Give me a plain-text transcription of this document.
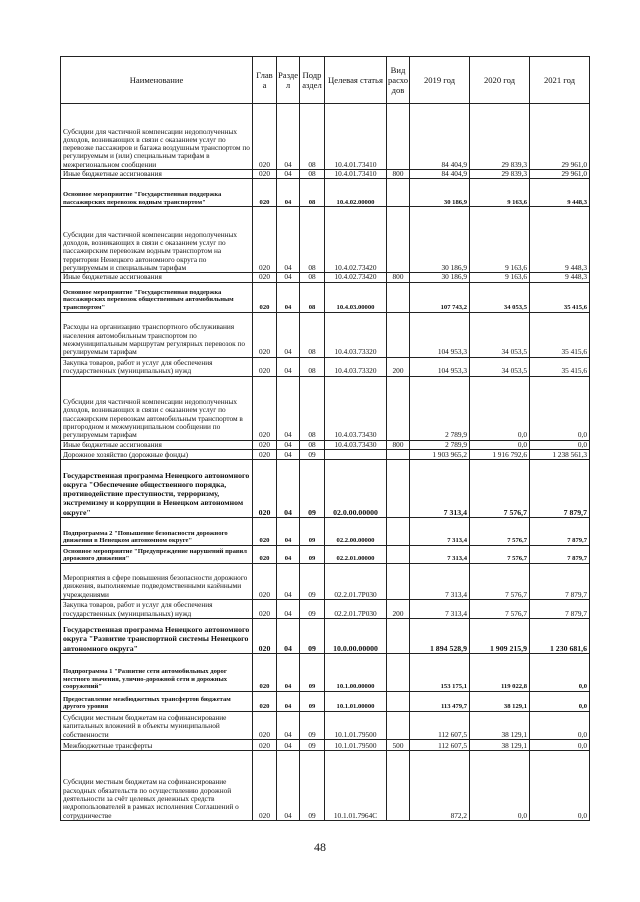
Наименование	Глав а	Разде л	Подр аздел	Целевая статья	Вид расхо дов	2019 год	2020 год	2021 год
Субсидии для частичной компенсации недополученных доходов, возникающих в связи с оказанием услуг по перевозке пассажиров и багажа воздушным транспортом по регулируемым и (или) специальным тарифам в межрегиональном сообщении	020	04	08	10.4.01.73410		84 404,9	29 839,3	29 961,0
Иные бюджетные ассигнования	020	04	08	10.4.01.73410	800	84 404,9	29 839,3	29 961,0
Основное мероприятие "Государственная поддержка пассажирских перевозок водным транспортом"	020	04	08	10.4.02.00000		30 186,9	9 163,6	9 448,3
Субсидии для частичной компенсации недополученных доходов, возникающих в связи с оказанием услуг по пассажирским перевозкам водным транспортом на территории Ненецкого автономного округа по регулируемым и специальным тарифам	020	04	08	10.4.02.73420		30 186,9	9 163,6	9 448,3
Иные бюджетные ассигнования	020	04	08	10.4.02.73420	800	30 186,9	9 163,6	9 448,3
Основное мероприятие "Государственная поддержка пассажирских перевозок общественным автомобильным транспортом"	020	04	08	10.4.03.00000		107 743,2	34 053,5	35 415,6
Расходы на организацию транспортного обслуживания населения автомобильным транспортом по межмуниципальным маршрутам регулярных перевозок по регулируемым тарифам	020	04	08	10.4.03.73320		104 953,3	34 053,5	35 415,6
Закупка товаров, работ и услуг для обеспечения государственных (муниципальных) нужд	020	04	08	10.4.03.73320	200	104 953,3	34 053,5	35 415,6
Субсидии для частичной компенсации недополученных доходов, возникающих в связи с оказанием услуг по пассажирским перевозкам автомобильным транспортом в пригородном и межмуниципальном сообщении по регулируемым тарифам	020	04	08	10.4.03.73430		2 789,9	0,0	0,0
Иные бюджетные ассигнования	020	04	08	10.4.03.73430	800	2 789,9	0,0	0,0
Дорожное хозяйство (дорожные фонды)	020	04	09			1 903 965,2	1 916 792,6	1 238 561,3
Государственная программа Ненецкого автономного округа "Обеспечение общественного порядка, противодействие преступности, терроризму, экстремизму и коррупции в Ненецком автономном округе"	020	04	09	02.0.00.00000		7 313,4	7 576,7	7 879,7
Подпрограмма 2 "Повышение безопасности дорожного движения в Ненецком автономном округе"	020	04	09	02.2.00.00000		7 313,4	7 576,7	7 879,7
Основное мероприятие "Предупреждение нарушений правил дорожного движения"	020	04	09	02.2.01.00000		7 313,4	7 576,7	7 879,7
Мероприятия в сфере повышения безопасности дорожного движения, выполняемые подведомственными казёнными учреждениями	020	04	09	02.2.01.7Р030		7 313,4	7 576,7	7 879,7
Закупка товаров, работ и услуг для обеспечения государственных (муниципальных) нужд	020	04	09	02.2.01.7Р030	200	7 313,4	7 576,7	7 879,7
Государственная программа Ненецкого автономного округа "Развитие транспортной системы Ненецкого автономного округа"	020	04	09	10.0.00.00000		1 894 528,9	1 909 215,9	1 230 681,6
Подпрограмма 1 "Развитие сети автомобильных дорог местного значения, улично-дорожной сети и дорожных сооружений"	020	04	09	10.1.00.00000		153 175,1	119 022,8	0,0
Предоставление межбюджетных трансфертов бюджетам другого уровня	020	04	09	10.1.01.00000		113 479,7	38 129,1	0,0
Субсидии местным бюджетам на софинансирование капитальных вложений в объекты муниципальной собственности	020	04	09	10.1.01.79500		112 607,5	38 129,1	0,0
Межбюджетные трансферты	020	04	09	10.1.01.79500	500	112 607,5	38 129,1	0,0
Субсидии местным бюджетам на софинансирование расходных обязательств по осуществлению дорожной деятельности за счёт целевых денежных средств недропользователей в рамках исполнения Соглашений о сотрудничестве	020	04	09	10.1.01.7964С		872,2	0,0	0,0
48
